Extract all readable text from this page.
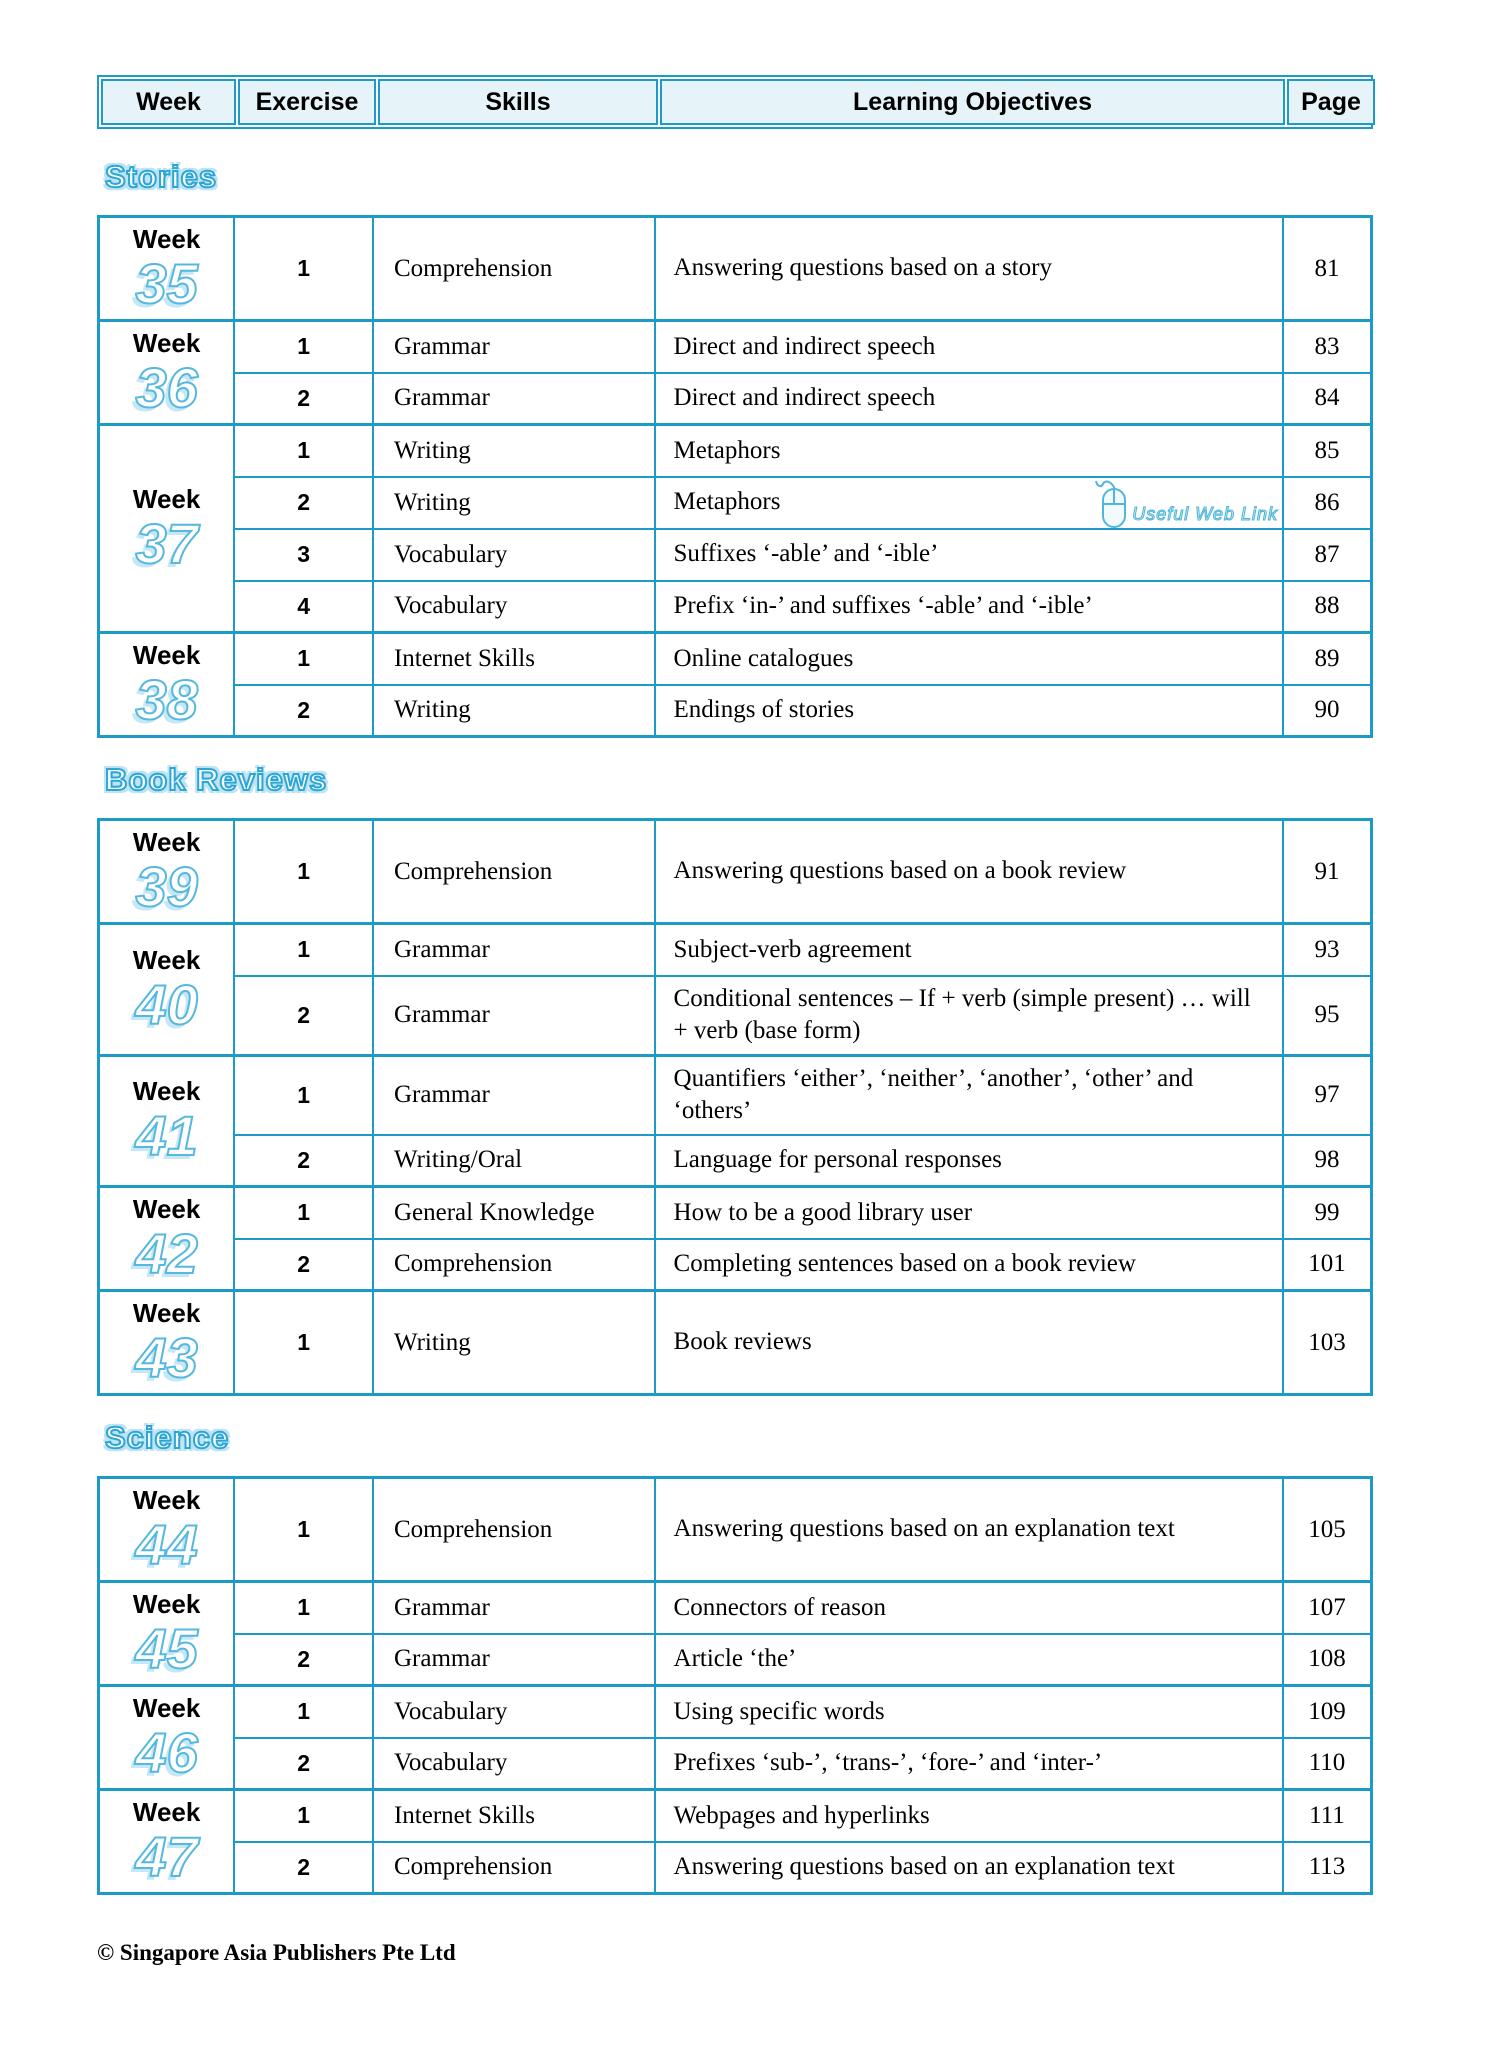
Week	Exercise	Skills	Learning Objectives	Page
Stories
Week
35	1	Comprehension	Answering questions based on a story	81

Week
36	1	Grammar	Direct and indirect speech	83
	2	Grammar	Direct and indirect speech	84

Week
37	1	Writing	Metaphors	85
	2	Writing	Metaphors Useful Web Link	86
	3	Vocabulary	Suffixes ‘-able’ and ‘-ible’	87
	4	Vocabulary	Prefix ‘in-’ and suffixes ‘-able’ and ‘-ible’	88

Week
38	1	Internet Skills	Online catalogues	89
	2	Writing	Endings of stories	90
Book Reviews
Week
39	1	Comprehension	Answering questions based on a book review	91

Week
40	1	Grammar	Subject-verb agreement	93
	2	Grammar	Conditional sentences – If + verb (simple present) … will + verb (base form)	95

Week
41	1	Grammar	Quantifiers ‘either’, ‘neither’, ‘another’, ‘other’ and ‘others’	97
	2	Writing/Oral	Language for personal responses	98

Week
42	1	General Knowledge	How to be a good library user	99
	2	Comprehension	Completing sentences based on a book review	101

Week
43	1	Writing	Book reviews	103
Science
Week
44	1	Comprehension	Answering questions based on an explanation text	105

Week
45	1	Grammar	Connectors of reason	107
	2	Grammar	Article ‘the’	108

Week
46	1	Vocabulary	Using specific words	109
	2	Vocabulary	Prefixes ‘sub-’, ‘trans-’, ‘fore-’ and ‘inter-’	110

Week
47	1	Internet Skills	Webpages and hyperlinks	111
	2	Comprehension	Answering questions based on an explanation text	113
© Singapore Asia Publishers Pte Ltd
